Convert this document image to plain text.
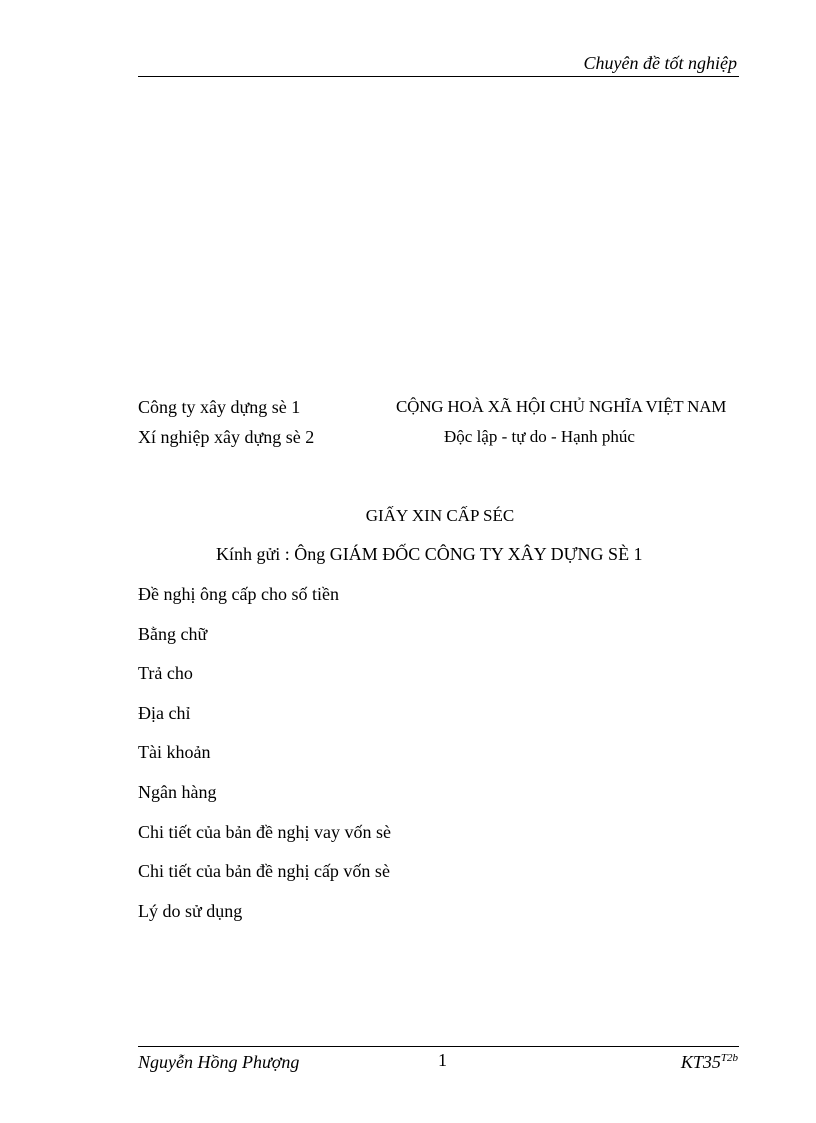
Chuyên đề tốt nghiệp
Công ty xây dựng sè 1
Xí nghiệp xây dựng sè 2
CỘNG HOÀ XÃ HỘI CHỦ NGHĨA VIỆT NAM
Độc lập - tự do - Hạnh phúc
GIẤY XIN CẤP SÉC
Kính gửi : Ông GIÁM ĐỐC CÔNG TY XÂY DỰNG SÈ 1
Đề nghị ông cấp cho số tiền
Bằng chữ
Trả cho
Địa chỉ
Tài khoản
Ngân hàng
Chi tiết của bản đề nghị vay vốn sè
Chi tiết của bản đề nghị cấp vốn sè
Lý do sử dụng
Nguyễn Hồng Phượng	1	$KT35^{T2b}$
